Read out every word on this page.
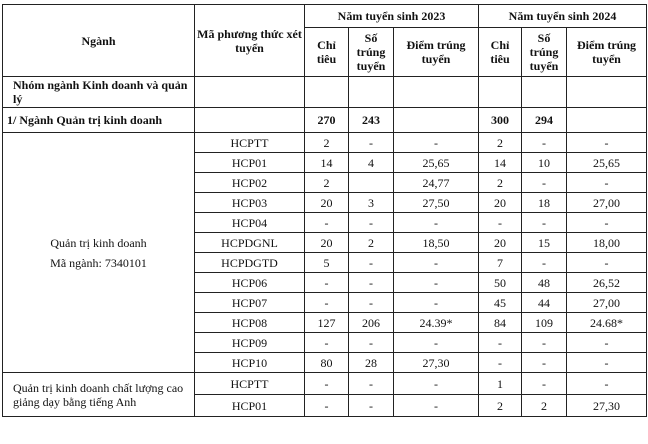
Ngành	Mã phương thức xét tuyển	Năm tuyển sinh 2023			Năm tuyển sinh 2024		
		Chỉ tiêu	Số trúng tuyển	Điểm trúng tuyển	Chỉ tiêu	Số trúng tuyển	Điểm trúng tuyển
Nhóm ngành Kinh doanh và quản lý							
1/ Ngành Quản trị kinh doanh		270	243		300	294	

Quản trị kinh doanh
Mã ngành: 7340101	HCPTT	2	-	-	2	-	-
	HCP01	14	4	25,65	14	10	25,65
	HCP02	2		24,77	2	-	-
	HCP03	20	3	27,50	20	18	27,00
	HCP04	-	-	-	-	-	-
	HCPDGNL	20	2	18,50	20	15	18,00
	HCPDGTD	5	-	-	7	-	-
	HCP06	-	-	-	50	48	26,52
	HCP07	-	-	-	45	44	27,00
	HCP08	127	206	24.39*	84	109	24.68*
	HCP09	-	-	-	-	-	-
	HCP10	80	28	27,30	-	-	-
Quản trị kinh doanh chất lượng cao giảng dạy bằng tiếng Anh	HCPTT	-	-	-	1	-	-
	HCP01	-	-	-	2	2	27,30
